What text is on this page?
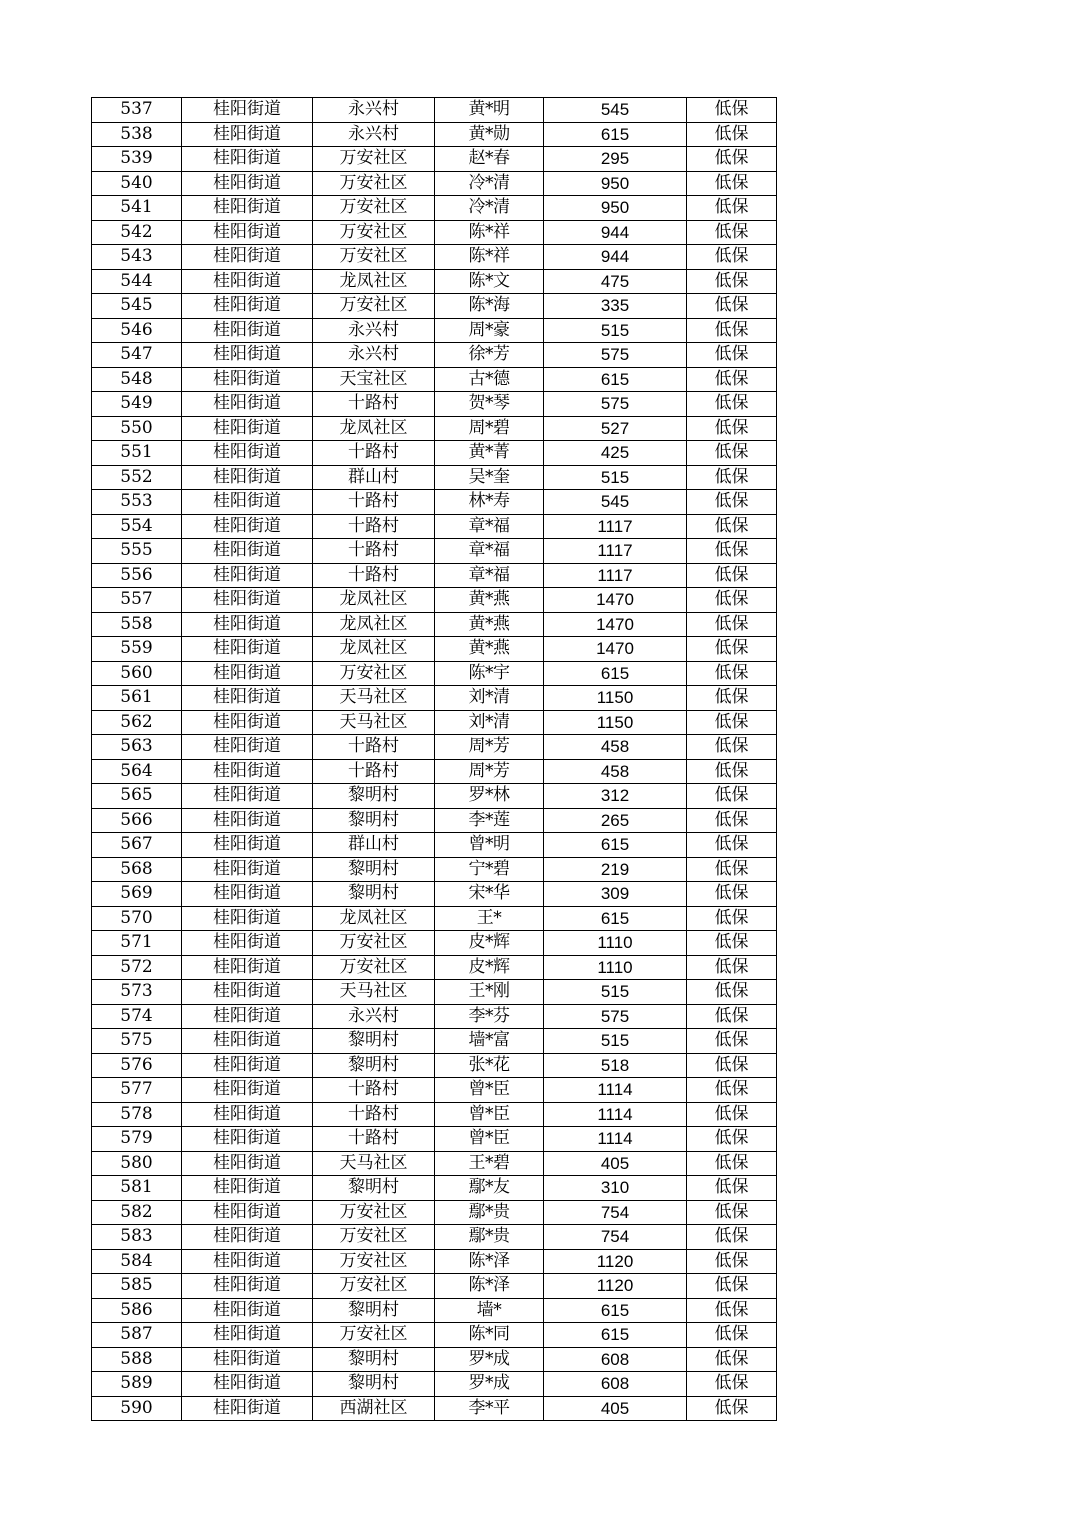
537	桂阳街道	永兴村	黄*明	545	低保
538	桂阳街道	永兴村	黄*勋	615	低保
539	桂阳街道	万安社区	赵*春	295	低保
540	桂阳街道	万安社区	冷*清	950	低保
541	桂阳街道	万安社区	冷*清	950	低保
542	桂阳街道	万安社区	陈*祥	944	低保
543	桂阳街道	万安社区	陈*祥	944	低保
544	桂阳街道	龙凤社区	陈*文	475	低保
545	桂阳街道	万安社区	陈*海	335	低保
546	桂阳街道	永兴村	周*豪	515	低保
547	桂阳街道	永兴村	徐*芳	575	低保
548	桂阳街道	天宝社区	古*德	615	低保
549	桂阳街道	十路村	贺*琴	575	低保
550	桂阳街道	龙凤社区	周*碧	527	低保
551	桂阳街道	十路村	黄*菁	425	低保
552	桂阳街道	群山村	吴*奎	515	低保
553	桂阳街道	十路村	林*寿	545	低保
554	桂阳街道	十路村	章*福	1117	低保
555	桂阳街道	十路村	章*福	1117	低保
556	桂阳街道	十路村	章*福	1117	低保
557	桂阳街道	龙凤社区	黄*燕	1470	低保
558	桂阳街道	龙凤社区	黄*燕	1470	低保
559	桂阳街道	龙凤社区	黄*燕	1470	低保
560	桂阳街道	万安社区	陈*宇	615	低保
561	桂阳街道	天马社区	刘*清	1150	低保
562	桂阳街道	天马社区	刘*清	1150	低保
563	桂阳街道	十路村	周*芳	458	低保
564	桂阳街道	十路村	周*芳	458	低保
565	桂阳街道	黎明村	罗*林	312	低保
566	桂阳街道	黎明村	李*莲	265	低保
567	桂阳街道	群山村	曾*明	615	低保
568	桂阳街道	黎明村	宁*碧	219	低保
569	桂阳街道	黎明村	宋*华	309	低保
570	桂阳街道	龙凤社区	王*	615	低保
571	桂阳街道	万安社区	皮*辉	1110	低保
572	桂阳街道	万安社区	皮*辉	1110	低保
573	桂阳街道	天马社区	王*刚	515	低保
574	桂阳街道	永兴村	李*芬	575	低保
575	桂阳街道	黎明村	墙*富	515	低保
576	桂阳街道	黎明村	张*花	518	低保
577	桂阳街道	十路村	曾*臣	1114	低保
578	桂阳街道	十路村	曾*臣	1114	低保
579	桂阳街道	十路村	曾*臣	1114	低保
580	桂阳街道	天马社区	王*碧	405	低保
581	桂阳街道	黎明村	鄢*友	310	低保
582	桂阳街道	万安社区	鄢*贵	754	低保
583	桂阳街道	万安社区	鄢*贵	754	低保
584	桂阳街道	万安社区	陈*泽	1120	低保
585	桂阳街道	万安社区	陈*泽	1120	低保
586	桂阳街道	黎明村	墙*	615	低保
587	桂阳街道	万安社区	陈*同	615	低保
588	桂阳街道	黎明村	罗*成	608	低保
589	桂阳街道	黎明村	罗*成	608	低保
590	桂阳街道	西湖社区	李*平	405	低保
